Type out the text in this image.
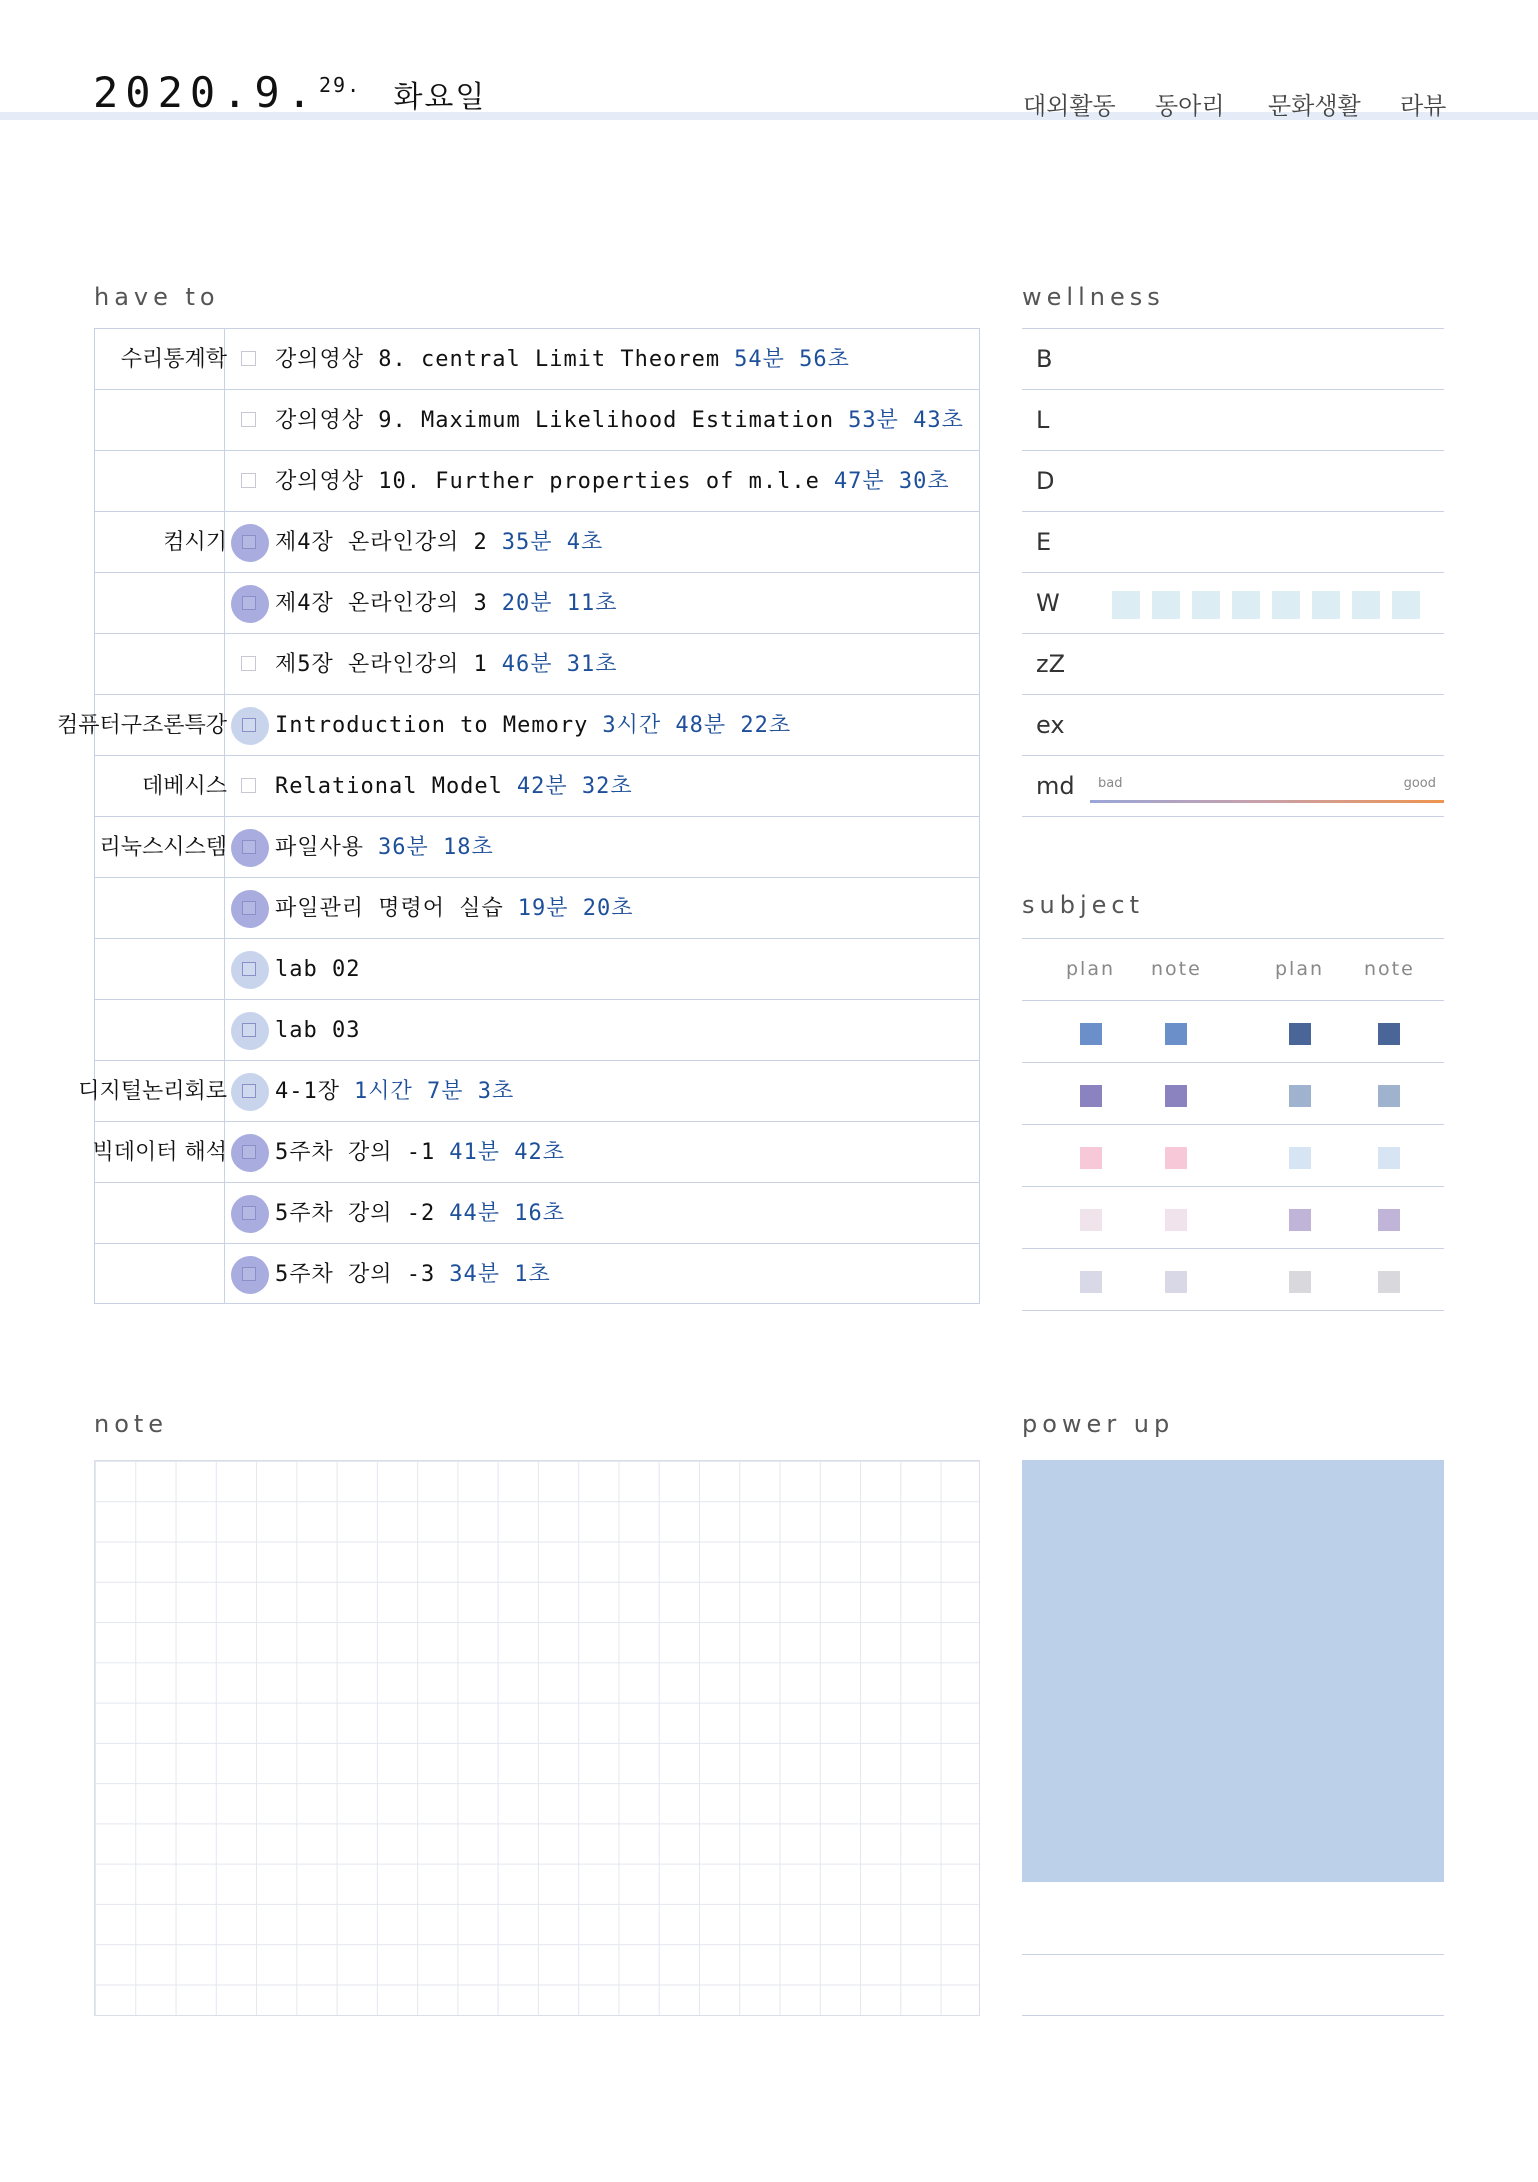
2020.9.$^{29.}$ 화요일	대외활동 동아리 문화생활 라뷰
have to	wellness
subject
note	power up
수리통계학 강의영상 8. central Limit Theorem 54분 56초
강의영상 9. Maximum Likelihood Estimation 53분 43초
강의영상 10. Further properties of m.l.e 47분 30초
컴시기 제4장 온라인강의 2 35분 4초
제4장 온라인강의 3 20분 11초
제5장 온라인강의 1 46분 31초
컴퓨터구조론특강 Introduction to Memory 3시간 48분 22초
데베시스 Relational Model 42분 32초
리눅스시스템 파일사용 36분 18초
파일관리 명령어 실습 19분 20초
lab 02
lab 03
디지털논리회로 4-1장 1시간 7분 3초
빅데이터 해석 5주차 강의 -1 41분 42초
5주차 강의 -2 44분 16초
5주차 강의 -3 34분 1초
B
L
D
E
W
zZ
ex
md bad	good
plan note	plan note
